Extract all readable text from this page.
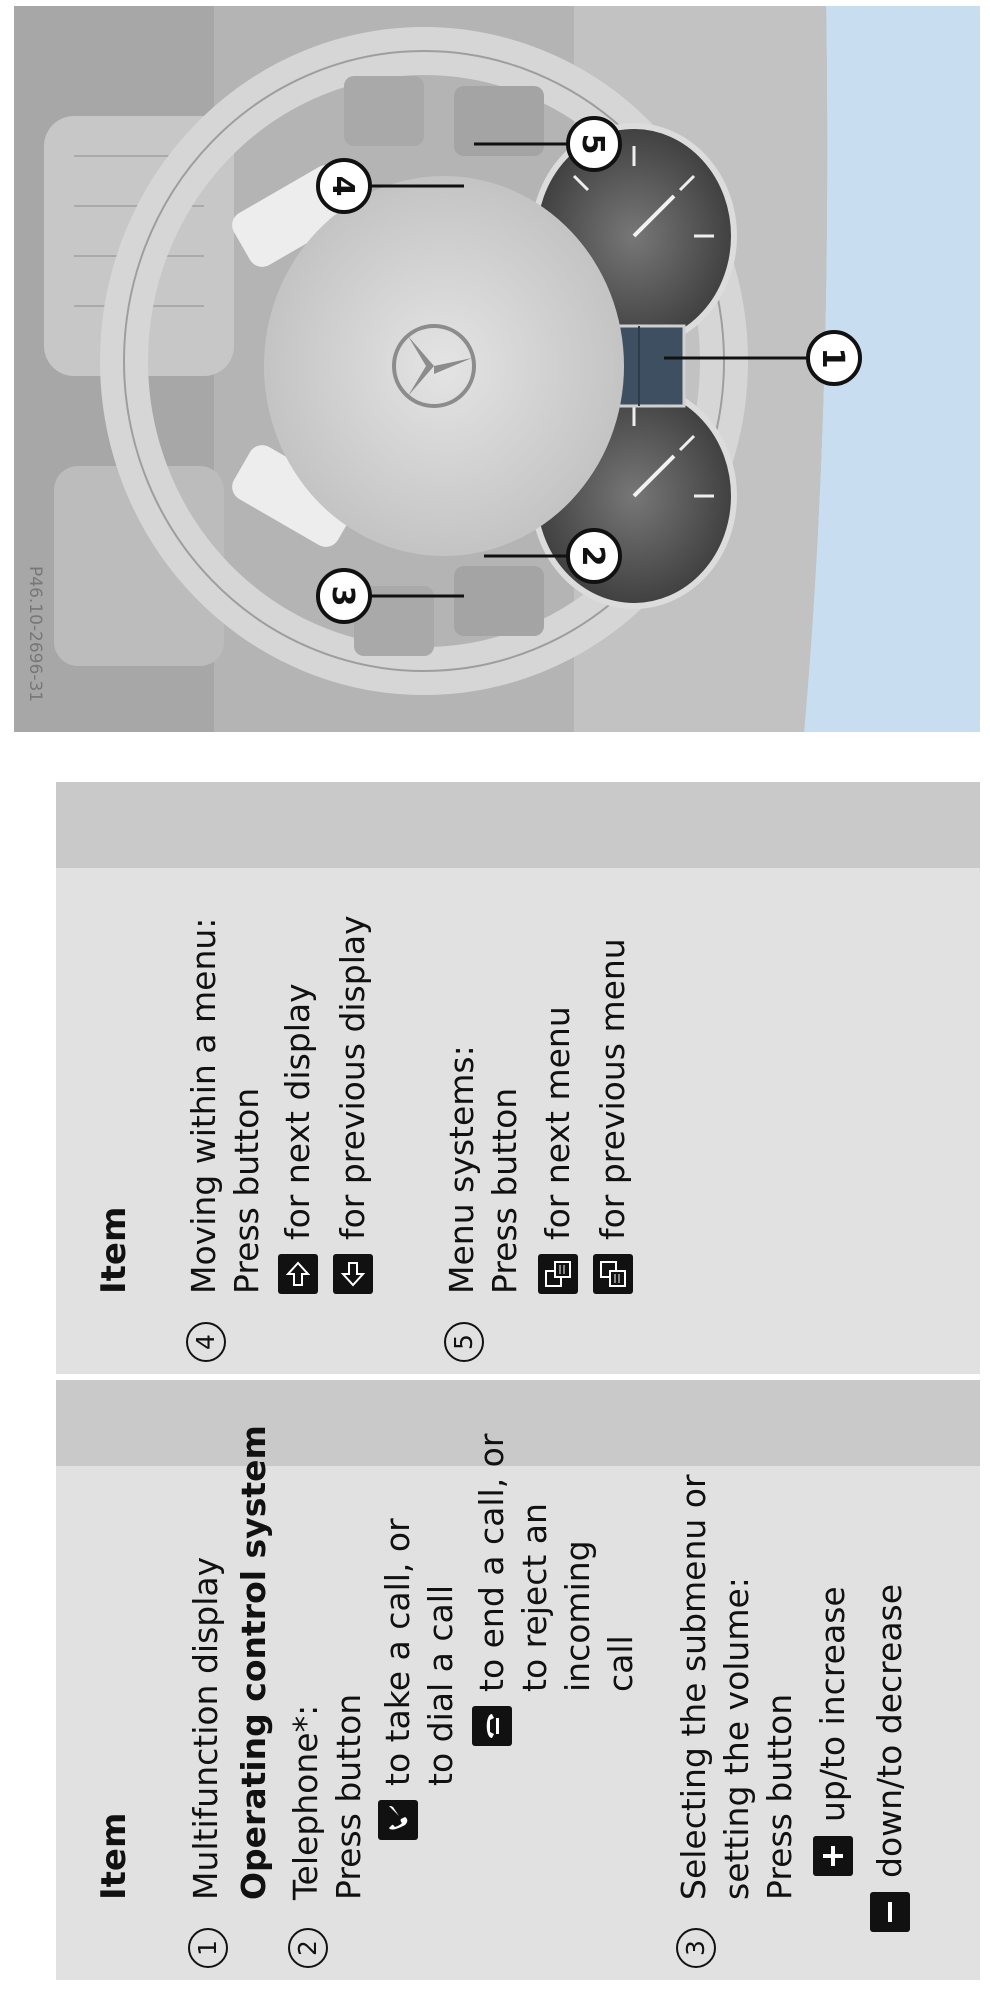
1
2
3
4
5
P46.10-2696-31
Item
1
Multifunction display Operating control system
2
Telephone*: Press button
to take a call, or to dial a call to end a call, or to reject an incoming call
3
Selecting the submenu or setting the volume: Press button up/to increase down/to decrease
Item
4
Moving within a menu: Press button for next display for previous display
5
Menu systems: Press button for next menu for previous menu
